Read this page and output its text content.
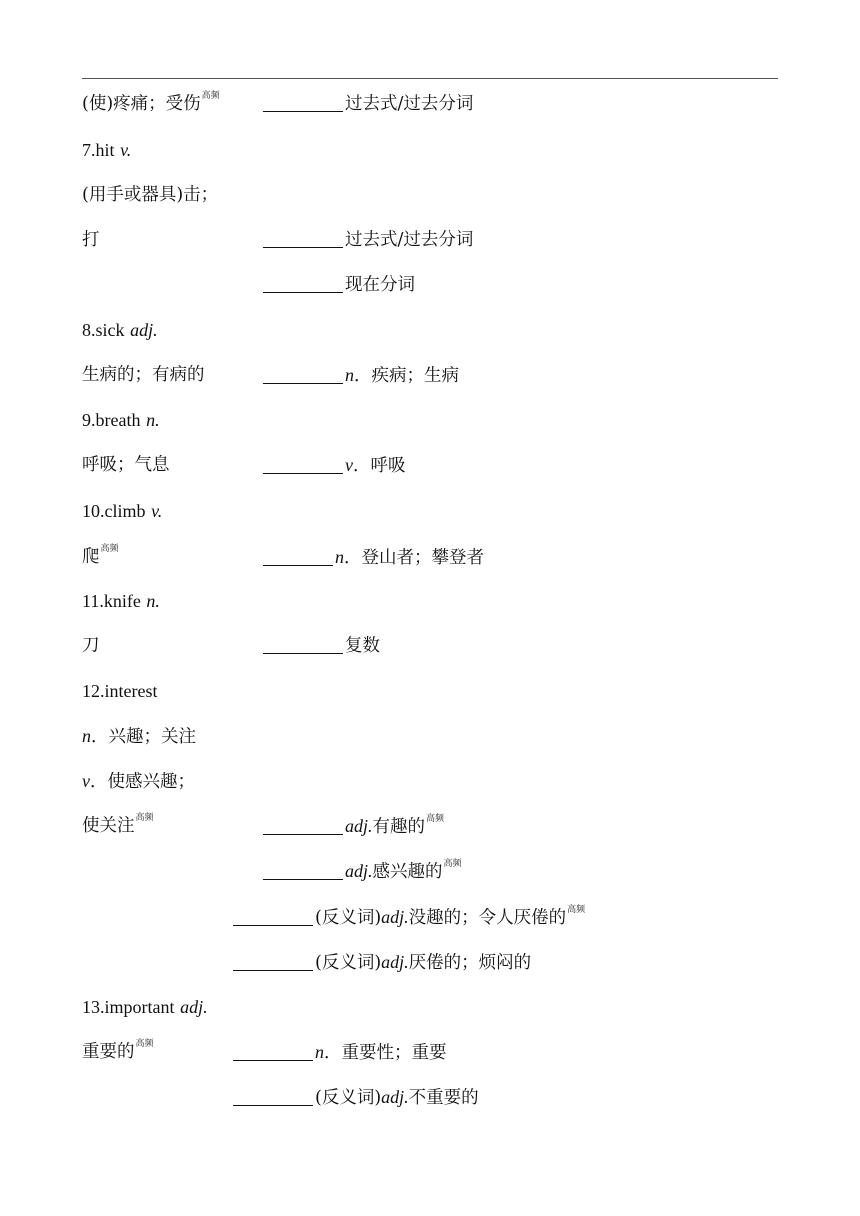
(使)疼痛；受伤$^{高频}$	过去式/过去分词
7.hit v.
(用手或器具)击；
打	过去式/过去分词
现在分词
8.sick adj.
生病的；有病的	n．疾病；生病
9.breath n.
呼吸；气息	v．呼吸
10.climb v.
爬$^{高频}$	n．登山者；攀登者
11.knife n.
刀	复数
12.interest
n．兴趣；关注
v．使感兴趣；
使关注$^{高频}$	adj.有趣的$^{高频}$
adj.感兴趣的$^{高频}$
(反义词)adj.没趣的；令人厌倦的$^{高频}$
(反义词)adj.厌倦的；烦闷的
13.important adj.
重要的$^{高频}$	n．重要性；重要
(反义词)adj.不重要的
